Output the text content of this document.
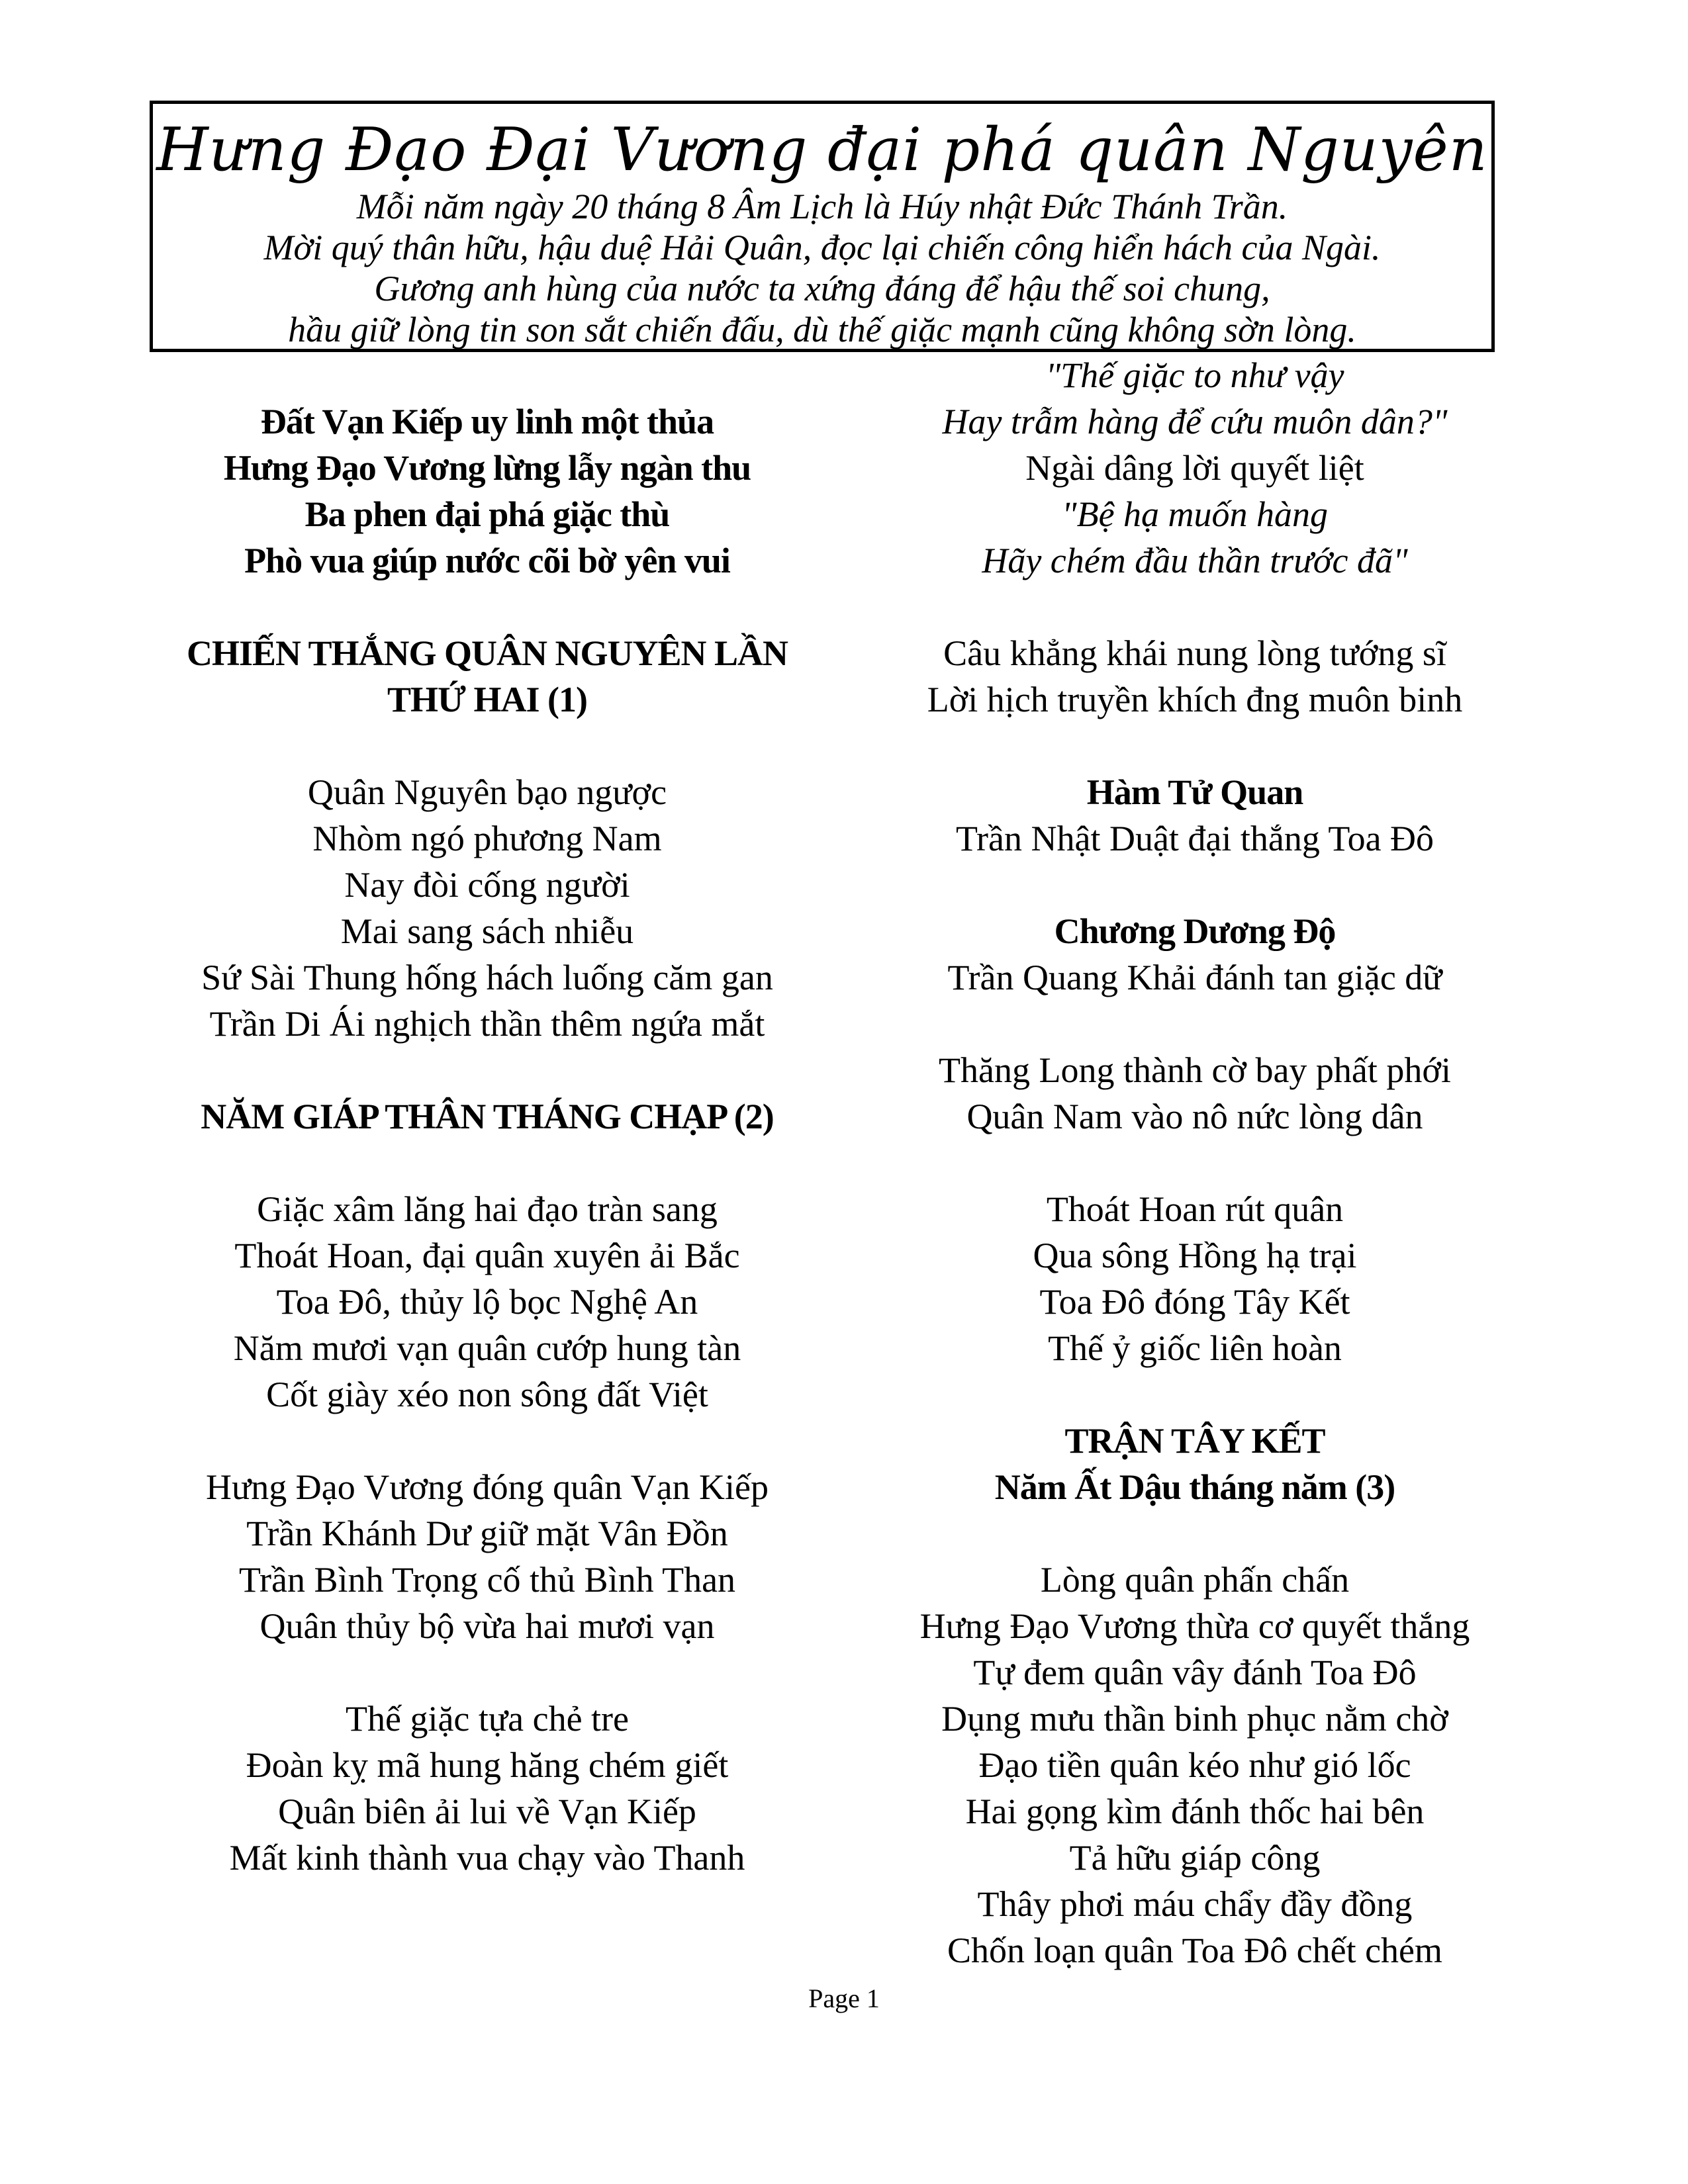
Hưng Đạo Đại Vương đại phá quân Nguyên
Mỗi năm ngày 20 tháng 8 Âm Lịch là Húy nhật Đức Thánh Trần.
Mời quý thân hữu, hậu duệ Hải Quân, đọc lại chiến công hiển hách của Ngài.
Gương anh hùng của nước ta xứng đáng để hậu thế soi chung,
hầu giữ lòng tin son sắt chiến đấu, dù thế giặc mạnh cũng không sờn lòng.
Đất Vạn Kiếp uy linh một thủa
Hưng Đạo Vương lừng lẫy ngàn thu
Ba phen đại phá giặc thù
Phò vua giúp nước cõi bờ yên vui
CHIẾN THẮNG QUÂN NGUYÊN LẦN
THỨ HAI (1)
Quân Nguyên bạo ngược
Nhòm ngó phương Nam
Nay đòi cống người
Mai sang sách nhiễu
Sứ Sài Thung hống hách luống căm gan
Trần Di Ái nghịch thần thêm ngứa mắt
NĂM GIÁP THÂN THÁNG CHẠP (2)
Giặc xâm lăng hai đạo tràn sang
Thoát Hoan, đại quân xuyên ải Bắc
Toa Đô, thủy lộ bọc Nghệ An
Năm mươi vạn quân cướp hung tàn
Cốt giày xéo non sông đất Việt
Hưng Đạo Vương đóng quân Vạn Kiếp
Trần Khánh Dư giữ mặt Vân Đồn
Trần Bình Trọng cố thủ Bình Than
Quân thủy bộ vừa hai mươi vạn
Thế giặc tựa chẻ tre
Đoàn kỵ mã hung hăng chém giết
Quân biên ải lui về Vạn Kiếp
Mất kinh thành vua chạy vào Thanh
"Thế giặc to như vậy
Hay trẫm hàng để cứu muôn dân?"
Ngài dâng lời quyết liệt
"Bệ hạ muốn hàng
Hãy chém đầu thần trước đã"
Câu khẳng khái nung lòng tướng sĩ
Lời hịch truyền khích đng muôn binh
Hàm Tử Quan
Trần Nhật Duật đại thắng Toa Đô
Chương Dương Độ
Trần Quang Khải đánh tan giặc dữ
Thăng Long thành cờ bay phất phới
Quân Nam vào nô nức lòng dân
Thoát Hoan rút quân
Qua sông Hồng hạ trại
Toa Đô đóng Tây Kết
Thế ỷ giốc liên hoàn
TRẬN TÂY KẾT
Năm Ất Dậu tháng năm (3)
Lòng quân phấn chấn
Hưng Đạo Vương thừa cơ quyết thắng
Tự đem quân vây đánh Toa Đô
Dụng mưu thần binh phục nằm chờ
Đạo tiền quân kéo như gió lốc
Hai gọng kìm đánh thốc hai bên
Tả hữu giáp công
Thây phơi máu chẩy đầy đồng
Chốn loạn quân Toa Đô chết chém
Page 1
